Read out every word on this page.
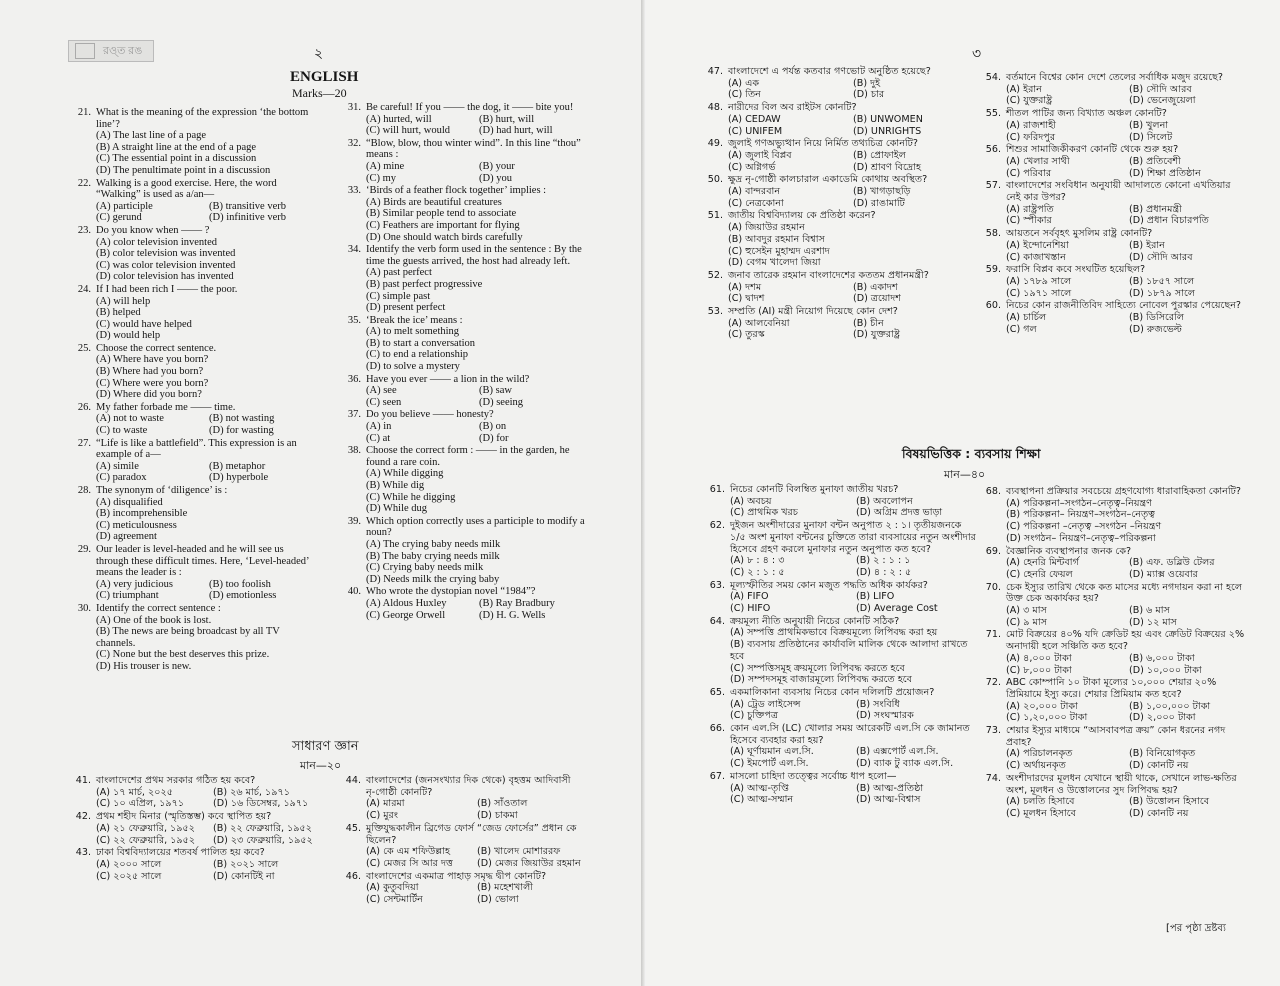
রও্ত রঙ	২
ENGLISH
Marks—20
21. What is the meaning of the expression ‘the bottom line’?
(A) The last line of a page
(B) A straight line at the end of a page
(C) The essential point in a discussion
(D) The penultimate point in a discussion
22. Walking is a good exercise. Here, the word “Walking” is used as a/an—
(A) participle	(B) transitive verb
(C) gerund	(D) infinitive verb
23. Do you know when —— ?
(A) color television invented
(B) color television was invented
(C) was color television invented
(D) color television has invented
24. If I had been rich I —— the poor.
(A) will help
(B) helped
(C) would have helped
(D) would help
25. Choose the correct sentence.
(A) Where have you born?
(B) Where had you born?
(C) Where were you born?
(D) Where did you born?
26. My father forbade me —— time.
(A) not to waste	(B) not wasting
(C) to waste	(D) for wasting
27. “Life is like a battlefield”. This expression is an example of a—
(A) simile	(B) metaphor
(C) paradox	(D) hyperbole
28. The synonym of ‘diligence’ is :
(A) disqualified
(B) incomprehensible
(C) meticulousness
(D) agreement
29. Our leader is level-headed and he will see us through these difficult times. Here, ‘Level-headed’ means the leader is :
(A) very judicious	(B) too foolish
(C) triumphant	(D) emotionless
30. Identify the correct sentence :
(A) One of the book is lost.
(B) The news are being broadcast by all TV channels.
(C) None but the best deserves this prize.
(D) His trouser is new.
31. Be careful! If you —— the dog, it —— bite you!
(A) hurted, will	(B) hurt, will
(C) will hurt, would	(D) had hurt, will
32. “Blow, blow, thou winter wind”. In this line “thou” means :
(A) mine	(B) your
(C) my	(D) you
33. ‘Birds of a feather flock together’ implies :
(A) Birds are beautiful creatures
(B) Similar people tend to associate
(C) Feathers are important for flying
(D) One should watch birds carefully
34. Identify the verb form used in the sentence : By the time the guests arrived, the host had already left.
(A) past perfect
(B) past perfect progressive
(C) simple past
(D) present perfect
35. ‘Break the ice’ means :
(A) to melt something
(B) to start a conversation
(C) to end a relationship
(D) to solve a mystery
36. Have you ever —— a lion in the wild?
(A) see	(B) saw
(C) seen	(D) seeing
37. Do you believe —— honesty?
(A) in	(B) on
(C) at	(D) for
38. Choose the correct form : —— in the garden, he found a rare coin.
(A) While digging
(B) While dig
(C) While he digging
(D) While dug
39. Which option correctly uses a participle to modify a noun?
(A) The crying baby needs milk
(B) The baby crying needs milk
(C) Crying baby needs milk
(D) Needs milk the crying baby
40. Who wrote the dystopian novel “1984”?
(A) Aldous Huxley	(B) Ray Bradbury
(C) George Orwell	(D) H. G. Wells
সাধারণ জ্ঞান
মান—২০
41. বাংলাদেশের প্রথম সরকার গঠিত হয় কবে?
(A) ১৭ মার্চ, ২০২৫	(B) ২৬ মার্চ, ১৯৭১
(C) ১০ এপ্রিল, ১৯৭১	(D) ১৬ ডিসেম্বর, ১৯৭১
42. প্রথম শহীদ মিনার (স্মৃতিস্তম্ভ) কবে স্থাপিত হয়?
(A) ২১ ফেব্রুয়ারি, ১৯৫২	(B) ২২ ফেব্রুয়ারি, ১৯৫২
(C) ২২ ফেব্রুয়ারি, ১৯৫২	(D) ২৩ ফেব্রুয়ারি, ১৯৫২
43. ঢাকা বিশ্ববিদ্যালয়ের শতবর্ষ পালিত হয় কবে?
(A) ২০০০ সালে	(B) ২০২১ সালে
(C) ২০২৫ সালে	(D) কোনটিই না
44. বাংলাদেশের (জনসংখ্যার দিক থেকে) বৃহত্তম আদিবাসী নৃ-গোষ্ঠী কোনটি?
(A) মারমা	(B) সাঁওতাল
(C) মুরং	(D) চাকমা
45. মুক্তিযুদ্ধকালীন ব্রিগেড ফোর্স “জেড ফোর্সের” প্রধান কে ছিলেন?
(A) কে এম শফিউল্লাহ	(B) খালেদ মোশাররফ
(C) মেজর সি আর দত্ত	(D) মেজর জিয়াউর রহমান
46. বাংলাদেশের একমাত্র পাহাড় সমৃদ্ধ দ্বীপ কোনটি?
(A) কুতুবদিয়া	(B) মহেশখালী
(C) সেন্টমার্টিন	(D) ভোলা
৩
47. বাংলাদেশে এ পর্যন্ত কতবার গণভোট অনুষ্ঠিত হয়েছে?
(A) এক	(B) দুই
(C) তিন	(D) চার
48. নারীদের বিল অব রাইটস কোনটি?
(A) CEDAW	(B) UNWOMEN
(C) UNIFEM	(D) UNRIGHTS
49. জুলাই গণঅভ্যুত্থান নিয়ে নির্মিত তথ্যচিত্র কোনটি?
(A) জুলাই বিপ্লব	(B) প্রোফাইল
(C) অগ্নিগর্ভ	(D) শ্রাবণ বিদ্রোহ
50. ক্ষুদ্র নৃ-গোষ্ঠী কালচারাল একাডেমি কোথায় অবস্থিত?
(A) বান্দরবান	(B) খাগড়াছড়ি
(C) নেত্রকোনা	(D) রাঙামাটি
51. জাতীয় বিশ্ববিদ্যালয় কে প্রতিষ্ঠা করেন?
(A) জিয়াউর রহমান
(B) আবদুর রহমান বিশ্বাস
(C) হুসেইন মুহাম্মদ এরশাদ
(D) বেগম খালেদা জিয়া
52. জনাব তারেক রহমান বাংলাদেশের কততম প্রধানমন্ত্রী?
(A) দশম	(B) একাদশ
(C) দ্বাদশ	(D) ত্রয়োদশ
53. সম্প্রতি (AI) মন্ত্রী নিয়োগ দিয়েছে কোন দেশ?
(A) আলবেনিয়া	(B) চীন
(C) তুরস্ক	(D) যুক্তরাষ্ট্র
54. বর্তমানে বিশ্বের কোন দেশে তেলের সর্বাধিক মজুদ রয়েছে?
(A) ইরান	(B) সৌদি আরব
(C) যুক্তরাষ্ট্র	(D) ভেনেজুয়েলা
55. শীতল পাটির জন্য বিখ্যাত অঞ্চল কোনটি?
(A) রাজশাহী	(B) খুলনা
(C) ফরিদপুর	(D) সিলেট
56. শিশুর সামাজিকীকরণ কোনটি থেকে শুরু হয়?
(A) খেলার সাথী	(B) প্রতিবেশী
(C) পরিবার	(D) শিক্ষা প্রতিষ্ঠান
57. বাংলাদেশের সংবিধান অনুযায়ী আদালতে কোনো এখতিয়ার নেই কার উপর?
(A) রাষ্ট্রপতি	(B) প্রধানমন্ত্রী
(C) স্পীকার	(D) প্রধান বিচারপতি
58. আয়তনে সর্ববৃহৎ মুসলিম রাষ্ট্র কোনটি?
(A) ইন্দোনেশিয়া	(B) ইরান
(C) কাজাখস্তান	(D) সৌদি আরব
59. ফরাসি বিপ্লব কবে সংঘটিত হয়েছিল?
(A) ১৭৮৯ সালে	(B) ১৮৫৭ সালে
(C) ১৯৭১ সালে	(D) ১৮৭৯ সালে
60. নিচের কোন রাজনীতিবিদ সাহিত্যে নোবেল পুরস্কার পেয়েছেন?
(A) চার্চিল	(B) ডিসিরেলি
(C) গল	(D) রুজভেল্ট
বিষয়ভিত্তিক : ব্যবসায় শিক্ষা
মান—৪০
61. নিচের কোনটি বিলম্বিত মুনাফা জাতীয় খরচ?
(A) অবচয়	(B) অবলোপন
(C) প্রাথমিক খরচ	(D) অগ্রিম প্রদত্ত ভাড়া
62. দুইজন অংশীদারের মুনাফা বন্টন অনুপাত ২ : ১। তৃতীয়জনকে ১/৫ অংশ মুনাফা বন্টনের চুক্তিতে তারা ব্যবসায়ের নতুন অংশীদার হিসেবে গ্রহণ করলে মুনাফার নতুন অনুপাত কত হবে?
(A) ৮ : ৪ : ৩	(B) ২ : ১ : ১
(C) ২ : ১ : ৫	(D) ৪ : ২ : ৫
63. মূল্যস্ফীতির সময় কোন মজুত পদ্ধতি অধিক কার্যকর?
(A) FIFO	(B) LIFO
(C) HIFO	(D) Average Cost
64. ক্রয়মূল্য নীতি অনুযায়ী নিচের কোনটি সঠিক?
(A) সম্পত্তি প্রাথমিকভাবে বিক্রয়মূল্যে লিপিবদ্ধ করা হয়
(B) ব্যবসায় প্রতিষ্ঠানের কার্যাবলি মালিক থেকে আলাদা রাখতে হবে
(C) সম্পত্তিসমূহ ক্রয়মূল্যে লিপিবদ্ধ করতে হবে
(D) সম্পদসমূহ বাজারমূল্যে লিপিবদ্ধ করতে হবে
65. একমালিকানা ব্যবসায় নিচের কোন দলিলটি প্রয়োজন?
(A) ট্রেড লাইসেন্স	(B) সংবিধি
(C) চুক্তিপত্র	(D) সংঘস্মারক
66. কোন এল.সি (LC) খোলার সময় আরেকটি এল.সি কে জামানত হিসেবে ব্যবহার করা হয়?
(A) ঘূর্ণায়মান এল.সি.	(B) এক্সপোর্ট এল.সি.
(C) ইমপোর্ট এল.সি.	(D) ব্যাক টু ব্যাক এল.সি.
67. মাসলো চাহিদা তত্ত্বের সর্বোচ্চ ধাপ হলো—
(A) আত্ম-তৃপ্তি	(B) আত্ম-প্রতিষ্ঠা
(C) আত্ম-সম্মান	(D) আত্ম-বিশ্বাস
68. ব্যবস্থাপনা প্রক্রিয়ার সবচেয়ে গ্রহণযোগ্য ধারাবাহিকতা কোনটি?
(A) পরিকল্পনা–সংগঠন–নেতৃত্ব–নিয়ন্ত্রণ
(B) পরিকল্পনা– নিয়ন্ত্রণ–সংগঠন–নেতৃত্ব
(C) পরিকল্পনা –নেতৃত্ব –সংগঠন –নিয়ন্ত্রণ
(D) সংগঠন– নিয়ন্ত্রণ–নেতৃত্ব–পরিকল্পনা
69. বৈজ্ঞানিক ব্যবস্থাপনার জনক কে?
(A) হেনরি মিন্টবার্গ	(B) এফ. ডব্লিউ টেলর
(C) হেনরি ফেয়ল	(D) ম্যাক্স ওয়েবার
70. চেক ইস্যুর তারিখ থেকে কত মাসের মধ্যে নগদায়ন করা না হলে উক্ত চেক অকার্যকর হয়?
(A) ৩ মাস	(B) ৬ মাস
(C) ৯ মাস	(D) ১২ মাস
71. মোট বিক্রয়ের ৪০% যদি ক্রেডিট হয় এবং ক্রেডিট বিক্রয়ের ২% অনাদায়ী হলে সঞ্চিতি কত হবে?
(A) ৪,০০০ টাকা	(B) ৬,০০০ টাকা
(C) ৮,০০০ টাকা	(D) ১০,০০০ টাকা
72. ABC কোম্পানি ১০ টাকা মূল্যের ১০,০০০ শেয়ার ২০% প্রিমিয়ামে ইস্যু করে। শেয়ার প্রিমিয়াম কত হবে?
(A) ২০,০০০ টাকা	(B) ১,০০,০০০ টাকা
(C) ১,২০,০০০ টাকা	(D) ২,০০০ টাকা
73. শেয়ার ইস্যুর মাধ্যমে “আসবাবপত্র ক্রয়” কোন ধরনের নগদ প্রবাহ?
(A) পরিচালনকৃত	(B) বিনিয়োগকৃত
(C) অর্থায়নকৃত	(D) কোনটি নয়
74. অংশীদারদের মূলধন যেখানে স্থায়ী থাকে, সেখানে লাভ-ক্ষতির অংশ, মূলধন ও উত্তোলনের সুদ লিপিবদ্ধ হয়?
(A) চলতি হিসাবে	(B) উত্তোলন হিসাবে
(C) মূলধন হিসাবে	(D) কোনটি নয়
[পর পৃষ্ঠা দ্রষ্টব্য
